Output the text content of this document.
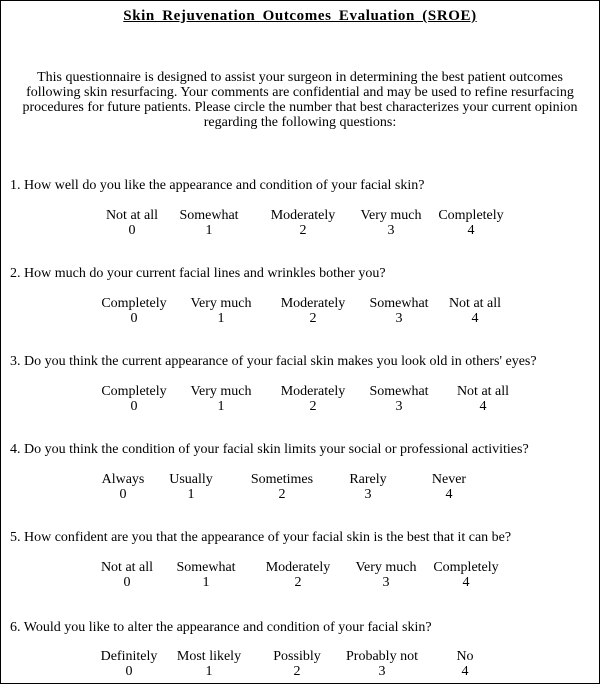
Skin Rejuvenation Outcomes Evaluation (SROE)
This questionnaire is designed to assist your surgeon in determining the best patient outcomes following skin resurfacing. Your comments are confidential and may be used to refine resurfacing procedures for future patients. Please circle the number that best characterizes your current opinion regarding the following questions:
1. How well do you like the appearance and condition of your facial skin?
Not at all
0
Somewhat
1
Moderately
2
Very much
3
Completely
4
2. How much do your current facial lines and wrinkles bother you?
Completely
0
Very much
1
Moderately
2
Somewhat
3
Not at all
4
3. Do you think the current appearance of your facial skin makes you look old in others' eyes?
Completely
0
Very much
1
Moderately
2
Somewhat
3
Not at all
4
4. Do you think the condition of your facial skin limits your social or professional activities?
Always
0
Usually
1
Sometimes
2
Rarely
3
Never
4
5. How confident are you that the appearance of your facial skin is the best that it can be?
Not at all
0
Somewhat
1
Moderately
2
Very much
3
Completely
4
6. Would you like to alter the appearance and condition of your facial skin?
Definitely
0
Most likely
1
Possibly
2
Probably not
3
No
4
